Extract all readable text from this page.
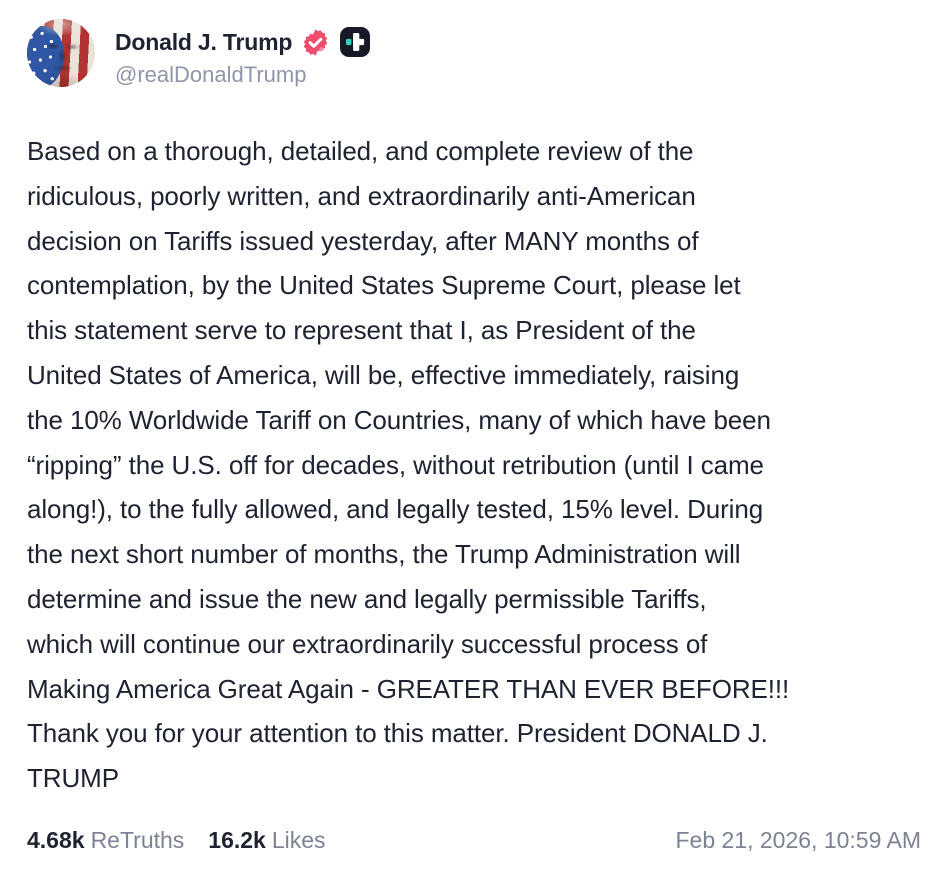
Donald J. Trump
@realDonaldTrump
Based on a thorough, detailed, and complete review of the
ridiculous, poorly written, and extraordinarily anti-American
decision on Tariffs issued yesterday, after MANY months of
contemplation, by the United States Supreme Court, please let
this statement serve to represent that I, as President of the
United States of America, will be, effective immediately, raising
the 10% Worldwide Tariff on Countries, many of which have been
“ripping” the U.S. off for decades, without retribution (until I came
along!), to the fully allowed, and legally tested, 15% level. During
the next short number of months, the Trump Administration will
determine and issue the new and legally permissible Tariffs,
which will continue our extraordinarily successful process of
Making America Great Again - GREATER THAN EVER BEFORE!!!
Thank you for your attention to this matter. President DONALD J.
TRUMP
4.68k ReTruths 16.2k Likes	Feb 21, 2026, 10:59 AM
